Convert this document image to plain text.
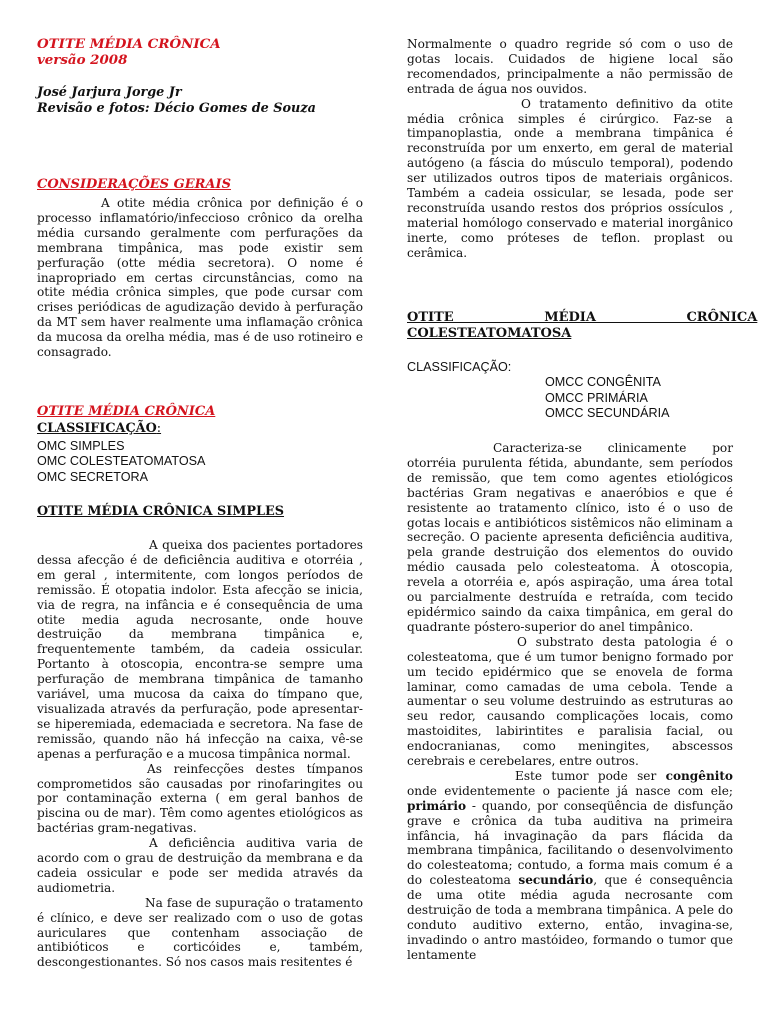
OTITE MÉDIA CRÔNICA

versão 2008

José Jarjura Jorge Jr

Revisão e fotos: Décio Gomes de Souza

CONSIDERAÇÕES GERAIS

A otite média crônica por definição é o processo inflamatório/infeccioso crônico da orelha média cursando geralmente com perfurações da membrana timpânica, mas pode existir sem perfuração (otte média secretora). O nome é inapropriado em certas circunstâncias, como na otite média crônica simples, que pode cursar com crises periódicas de agudização devido à perfuração da MT sem haver realmente uma inflamação crônica da mucosa da orelha média, mas é de uso rotineiro e consagrado.

OTITE MÉDIA CRÔNICA

CLASSIFICAÇÃO:

OMC SIMPLES

OMC COLESTEATOMATOSA

OMC SECRETORA

OTITE MÉDIA CRÔNICA SIMPLES

A queixa dos pacientes portadores dessa afecção é de deficiência auditiva e otorréia , em geral , intermitente, com longos períodos de remissão. É otopatia indolor. Esta afecção se inicia, via de regra, na infância e é consequência de uma otite media aguda necrosante, onde houve destruição da membrana timpânica e, frequentemente também, da cadeia ossicular. Portanto à otoscopia, encontra-se sempre uma perfuração de membrana timpânica de tamanho variável, uma mucosa da caixa do tímpano que, visualizada através da perfuração, pode apresentar-se hiperemiada, edemaciada e secretora. Na fase de remissão, quando não há infecção na caixa, vê-se apenas a perfuração e a mucosa timpânica normal.

As reinfecções destes tímpanos comprometidos são causadas por rinofaringites ou por contaminação externa ( em geral banhos de piscina ou de mar). Têm como agentes etiológicos as bactérias gram-negativas.

A deficiência auditiva varia de acordo com o grau de destruição da membrana e da cadeia ossicular e pode ser medida através da audiometria.

Na fase de supuração o tratamento é clínico, e deve ser realizado com o uso de gotas auriculares que contenham associação de antibióticos e corticóides e, também, descongestionantes. Só nos casos mais resitentes é

Normalmente o quadro regride só com o uso de gotas locais. Cuidados de higiene local são recomendados, principalmente a não permissão de entrada de água nos ouvidos.

O tratamento definitivo da otite média crônica simples é cirúrgico. Faz-se a timpanoplastia, onde a membrana timpânica é reconstruída por um enxerto, em geral de material autógeno (a fáscia do músculo temporal), podendo ser utilizados outros tipos de materiais orgânicos. Também a cadeia ossicular, se lesada, pode ser reconstruída usando restos dos próprios ossículos , material homólogo conservado e material inorgânico inerte, como próteses de teflon. proplast ou cerâmica.

OTITE MÉDIA CRÔNICA

COLESTEATOMATOSA

CLASSIFICAÇÃO:

OMCC CONGÊNITA

OMCC PRIMÁRIA

OMCC SECUNDÁRIA

Caracteriza-se clinicamente por otorréia purulenta fétida, abundante, sem períodos de remissão, que tem como agentes etiológicos bactérias Gram negativas e anaeróbios e que é resistente ao tratamento clínico, isto é o uso de gotas locais e antibióticos sistêmicos não eliminam a secreção. O paciente apresenta deficiência auditiva, pela grande destruição dos elementos do ouvido médio causada pelo colesteatoma. À otoscopia, revela a otorréia e, após aspiração, uma área total ou parcialmente destruída e retraída, com tecido epidérmico saindo da caixa timpânica, em geral do quadrante póstero-superior do anel timpânico.

O substrato desta patologia é o colesteatoma, que é um tumor benigno formado por um tecido epidérmico que se enovela de forma laminar, como camadas de uma cebola. Tende a aumentar o seu volume destruindo as estruturas ao seu redor, causando complicações locais, como mastoidites, labirintites e paralisia facial, ou endocranianas, como meningites, abscessos cerebrais e cerebelares, entre outros.

Este tumor pode ser congênito onde evidentemente o paciente já nasce com ele; primário - quando, por conseqüência de disfunção grave e crônica da tuba auditiva na primeira infância, há invaginação da pars flácida da membrana timpânica, facilitando o desenvolvimento do colesteatoma; contudo, a forma mais comum é a do colesteatoma secundário, que é consequência de uma otite média aguda necrosante com destruição de toda a membrana timpânica. A pele do conduto auditivo externo, então, invagina-se, invadindo o antro mastóideo, formando o tumor que lentamente
